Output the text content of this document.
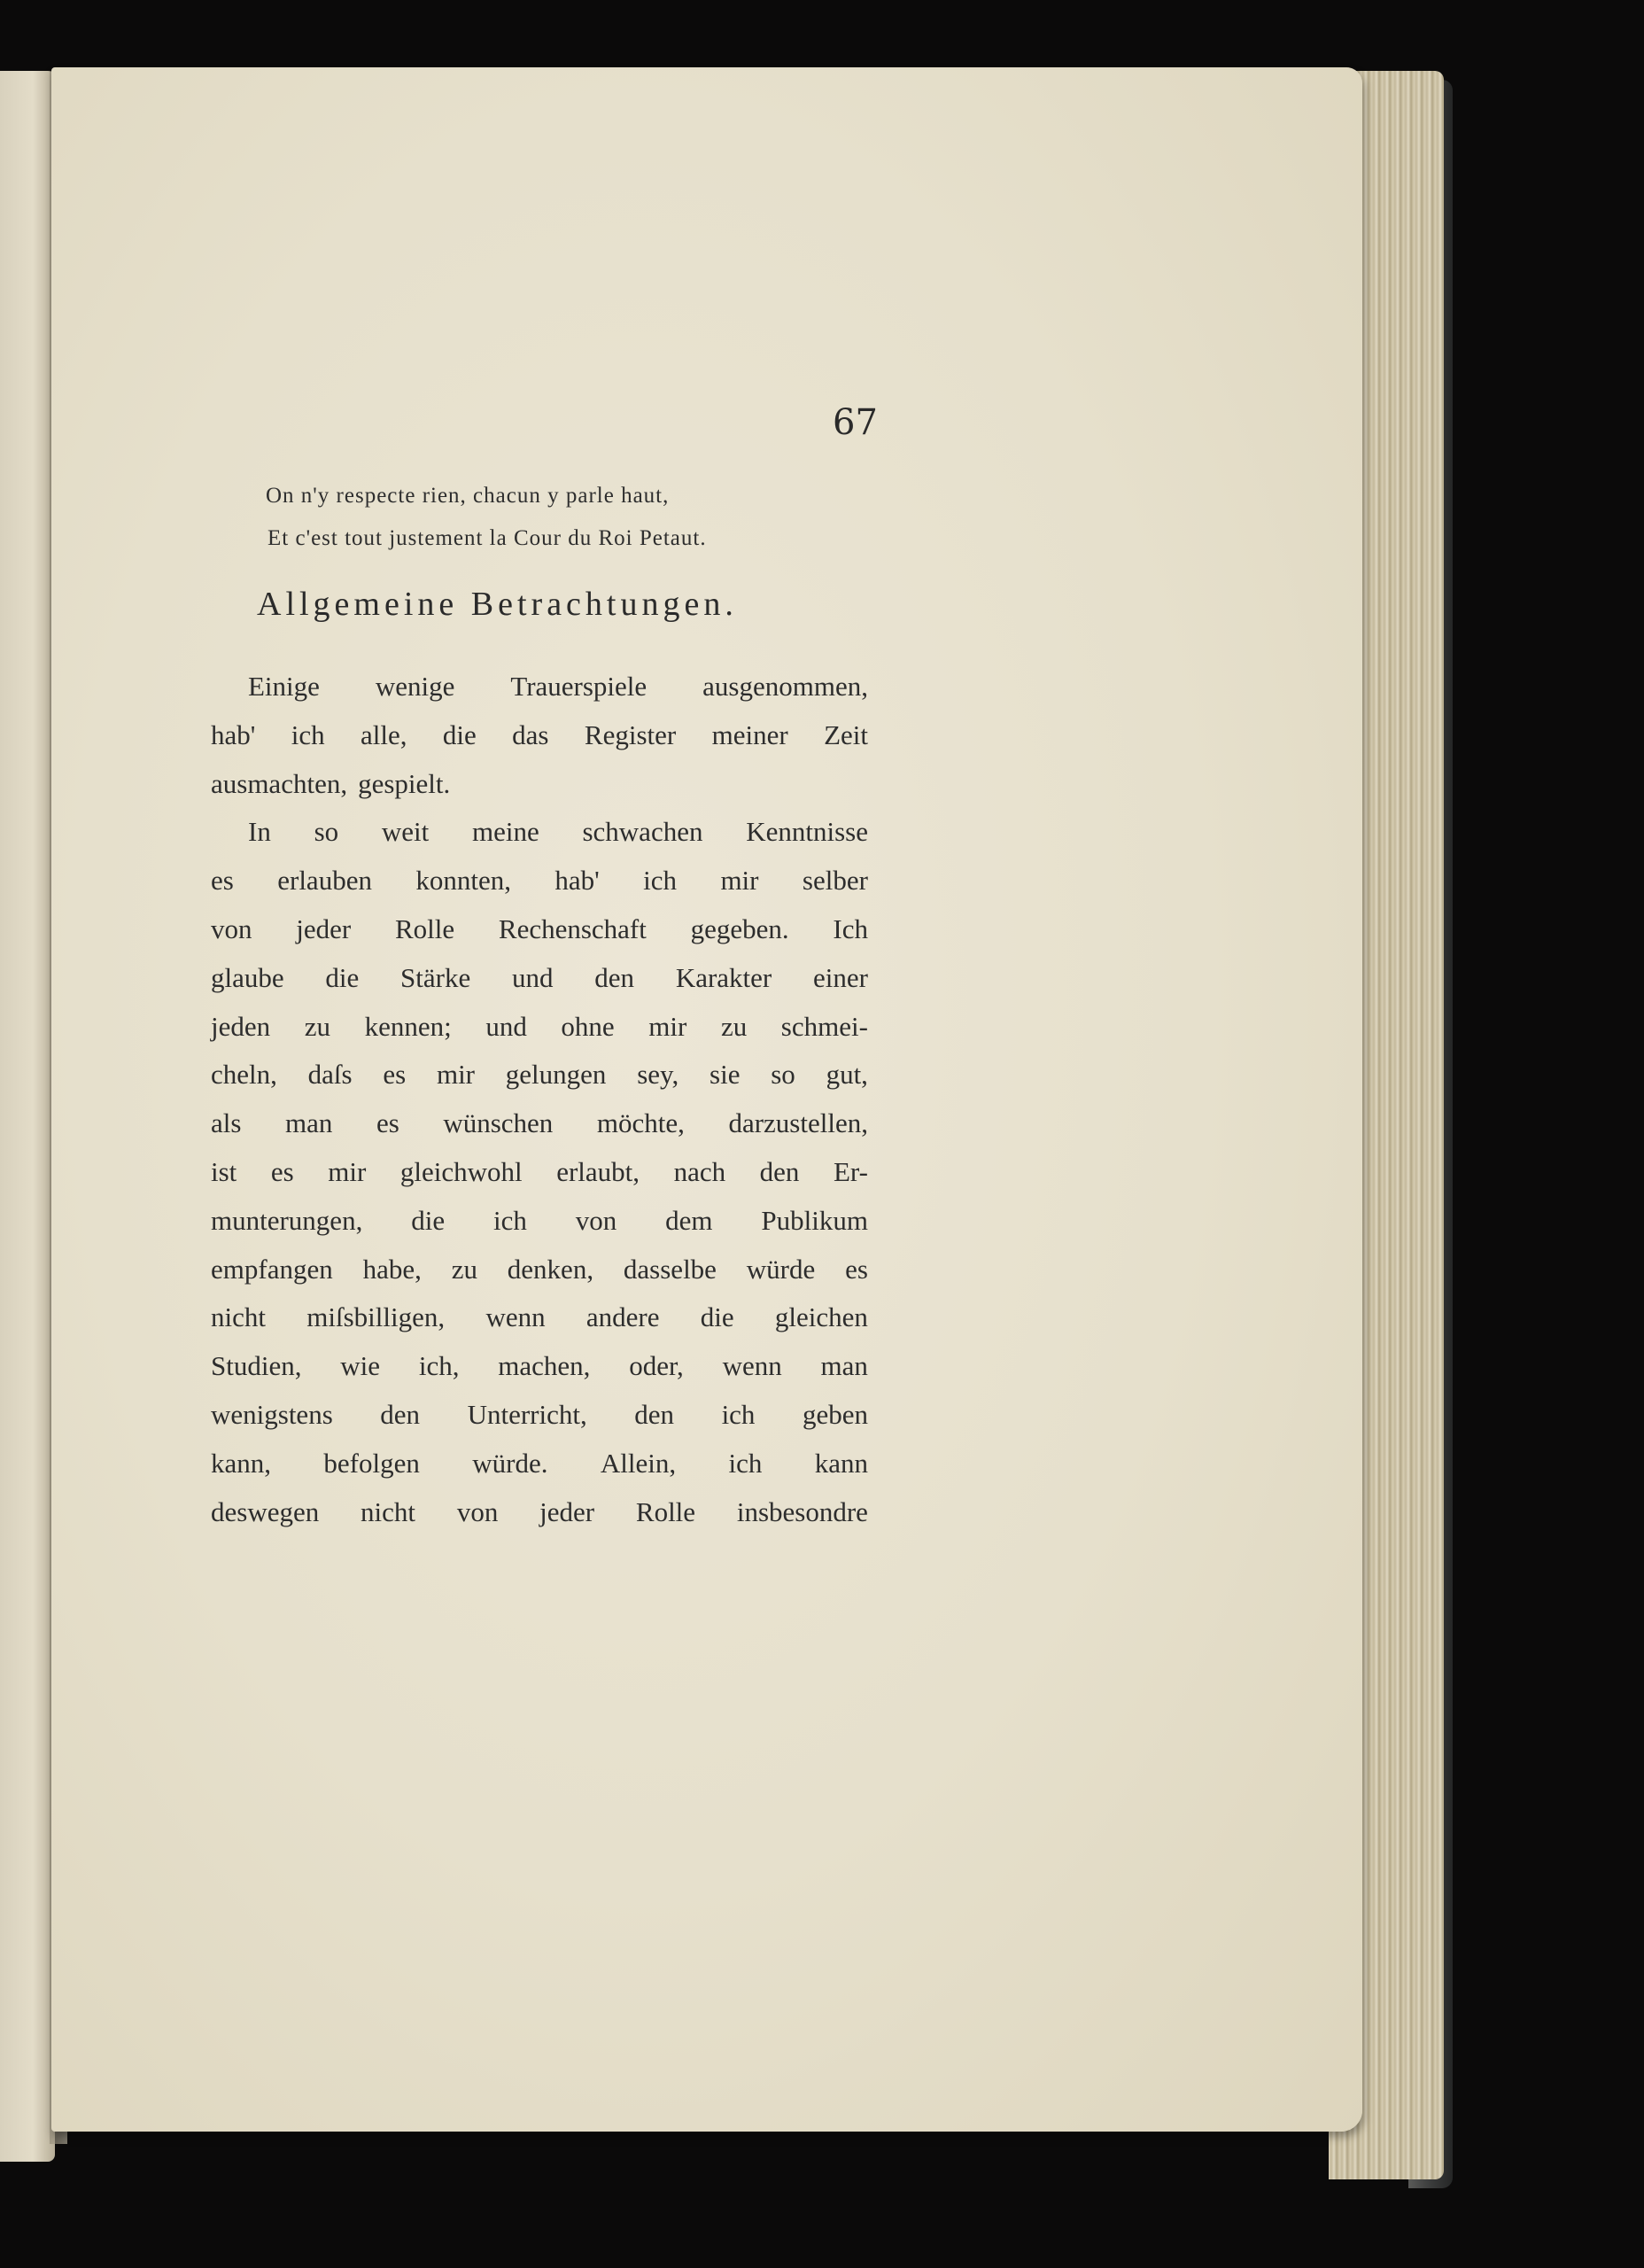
67
On n'y respecte rien, chacun y parle haut,
Et c'est tout justement la Cour du Roi Petaut.
Allgemeine Betrachtungen.
Einige wenige Trauerspiele ausgenommen,
hab' ich alle, die das Register meiner Zeit
ausmachten, gespielt.
In so weit meine schwachen Kenntnisse
es erlauben konnten, hab' ich mir selber
von jeder Rolle Rechenschaft gegeben. Ich
glaube die Stärke und den Karakter einer
jeden zu kennen; und ohne mir zu schmei-
cheln, daſs es mir gelungen sey, sie so gut,
als man es wünschen möchte, darzustellen,
ist es mir gleichwohl erlaubt, nach den Er-
munterungen, die ich von dem Publikum
empfangen habe, zu denken, dasselbe würde es
nicht miſsbilligen, wenn andere die gleichen
Studien, wie ich, machen, oder, wenn man
wenigstens den Unterricht, den ich geben
kann, befolgen würde. Allein, ich kann
deswegen nicht von jeder Rolle insbesondre
